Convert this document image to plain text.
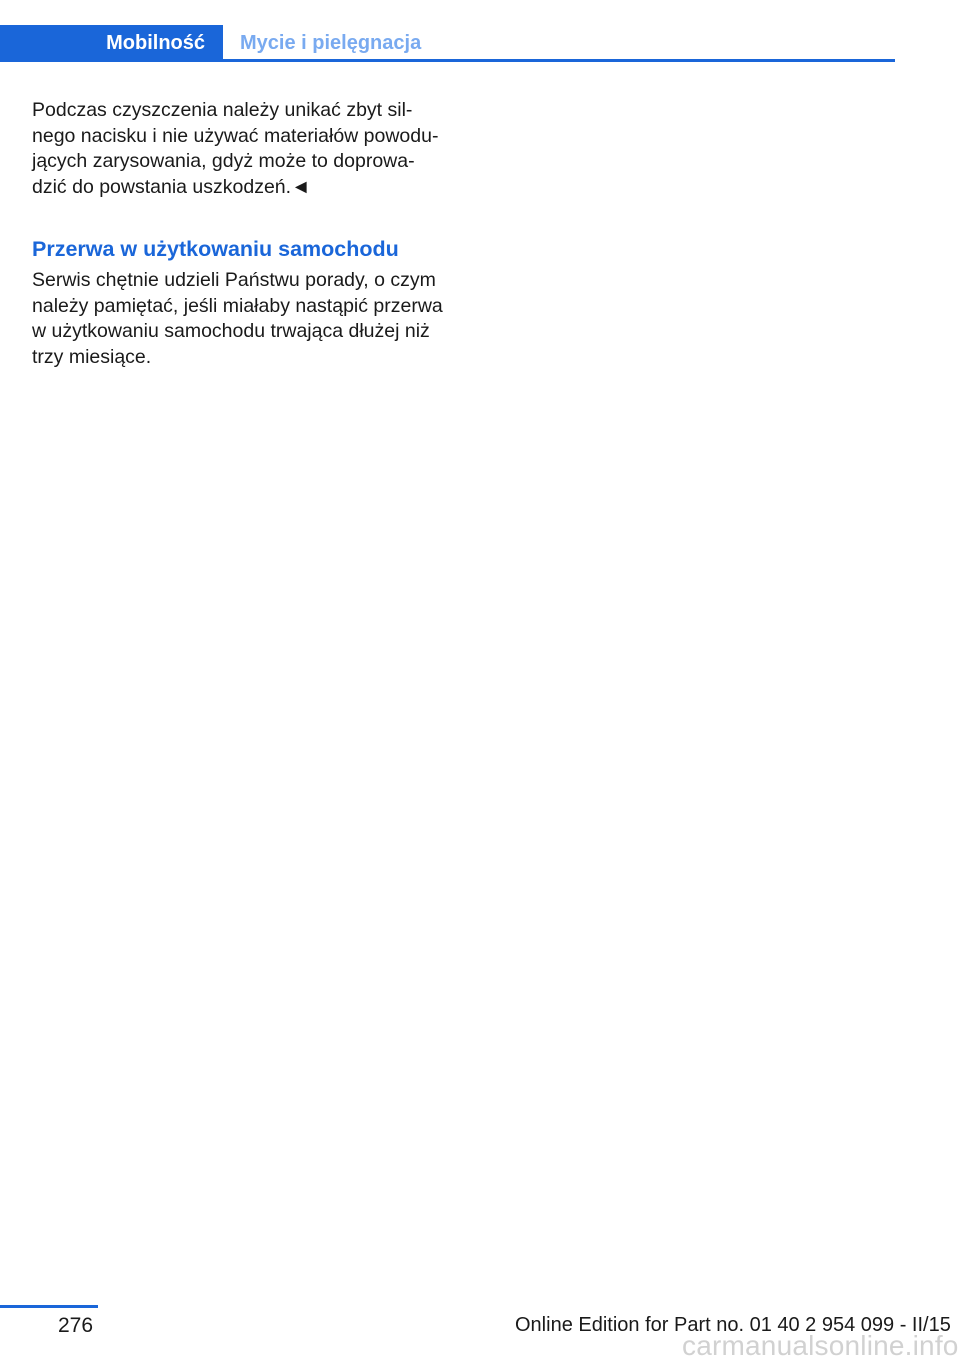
Mobilność	Mycie i pielęgnacja

Podczas czyszczenia należy unikać zbyt sil-
nego nacisku i nie używać materiałów powodu-
jących zarysowania, gdyż może to doprowa-
dzić do powstania uszkodzeń.◄

Przerwa w użytkowaniu samochodu

Serwis chętnie udzieli Państwu porady, o czym
należy pamiętać, jeśli miałaby nastąpić przerwa
w użytkowaniu samochodu trwająca dłużej niż
trzy miesiące.

276	Online Edition for Part no. 01 40 2 954 099 - II/15
carmanualsonline.info
